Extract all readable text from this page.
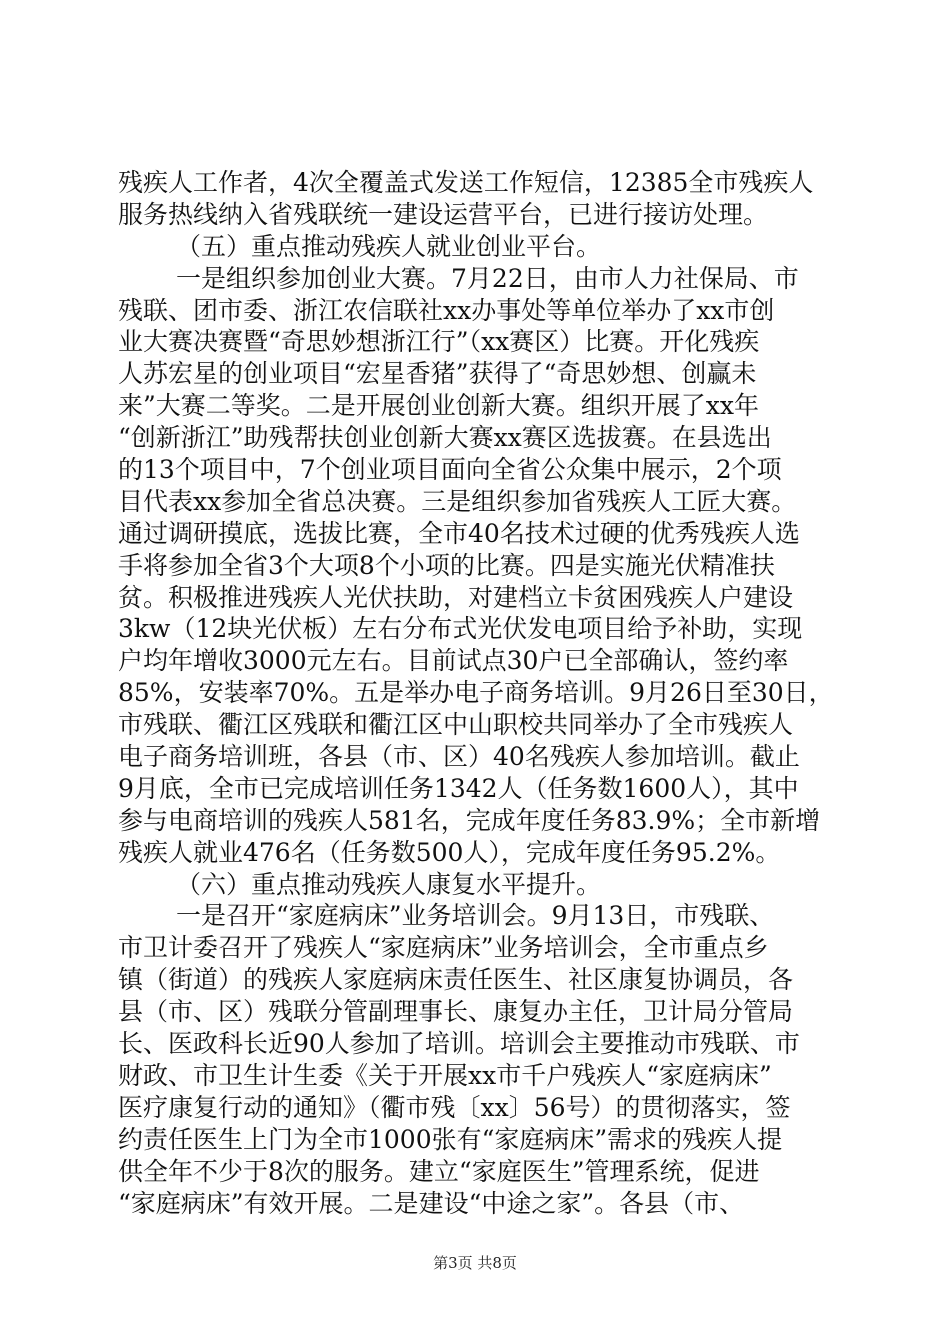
残疾人工作者，4次全覆盖式发送工作短信，12385全市残疾人
服务热线纳入省残联统一建设运营平台，已进行接访处理。
（五）重点推动残疾人就业创业平台。
一是组织参加创业大赛。7月22日，由市人力社保局、市
残联、团市委、浙江农信联社xx办事处等单位举办了xx市创
业大赛决赛暨“奇思妙想浙江行”（xx赛区）比赛。开化残疾
人苏宏星的创业项目“宏星香猪”获得了“奇思妙想、创赢未
来”大赛二等奖。二是开展创业创新大赛。组织开展了xx年
“创新浙江”助残帮扶创业创新大赛xx赛区选拔赛。在县选出
的13个项目中，7个创业项目面向全省公众集中展示，2个项
目代表xx参加全省总决赛。三是组织参加省残疾人工匠大赛。
通过调研摸底，选拔比赛，全市40名技术过硬的优秀残疾人选
手将参加全省3个大项8个小项的比赛。四是实施光伏精准扶
贫。积极推进残疾人光伏扶助，对建档立卡贫困残疾人户建设
3kw（12块光伏板）左右分布式光伏发电项目给予补助，实现
户均年增收3000元左右。目前试点30户已全部确认，签约率
85%，安装率70%。五是举办电子商务培训。9月26日至30日，
市残联、衢江区残联和衢江区中山职校共同举办了全市残疾人
电子商务培训班，各县（市、区）40名残疾人参加培训。截止
9月底，全市已完成培训任务1342人（任务数1600人），其中
参与电商培训的残疾人581名，完成年度任务83.9%；全市新增
残疾人就业476名（任务数500人），完成年度任务95.2%。
（六）重点推动残疾人康复水平提升。
一是召开“家庭病床”业务培训会。9月13日，市残联、
市卫计委召开了残疾人“家庭病床”业务培训会，全市重点乡
镇（街道）的残疾人家庭病床责任医生、社区康复协调员，各
县（市、区）残联分管副理事长、康复办主任，卫计局分管局
长、医政科长近90人参加了培训。培训会主要推动市残联、市
财政、市卫生计生委《关于开展xx市千户残疾人“家庭病床”
医疗康复行动的通知》（衢市残〔xx〕56号）的贯彻落实，签
约责任医生上门为全市1000张有“家庭病床”需求的残疾人提
供全年不少于8次的服务。建立“家庭医生”管理系统，促进
“家庭病床”有效开展。二是建设“中途之家”。各县（市、
第3页 共8页
